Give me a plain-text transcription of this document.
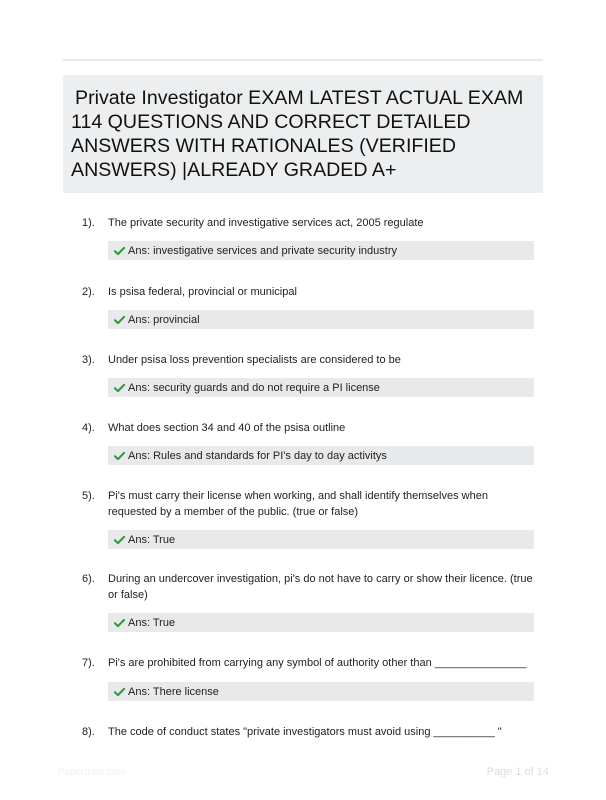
Private Investigator EXAM LATEST ACTUAL EXAM 114 QUESTIONS AND CORRECT DETAILED ANSWERS WITH RATIONALES (VERIFIED ANSWERS) |ALREADY GRADED A+
1). The private security and investigative services act, 2005 regulate
Ans: investigative services and private security industry
2). Is psisa federal, provincial or municipal
Ans: provincial
3). Under psisa loss prevention specialists are considered to be
Ans: security guards and do not require a PI license
4). What does section 34 and 40 of the psisa outline
Ans: Rules and standards for PI's day to day activitys
5). Pi's must carry their license when working, and shall identify themselves when requested by a member of the public. (true or false)
Ans: True
6). During an undercover investigation, pi's do not have to carry or show their licence. (true or false)
Ans: True
7). Pi's are prohibited from carrying any symbol of authority other than _______________
Ans: There license
8). The code of conduct states "private investigators must avoid using __________ "
Papertribe.com	Page 1 of 14
